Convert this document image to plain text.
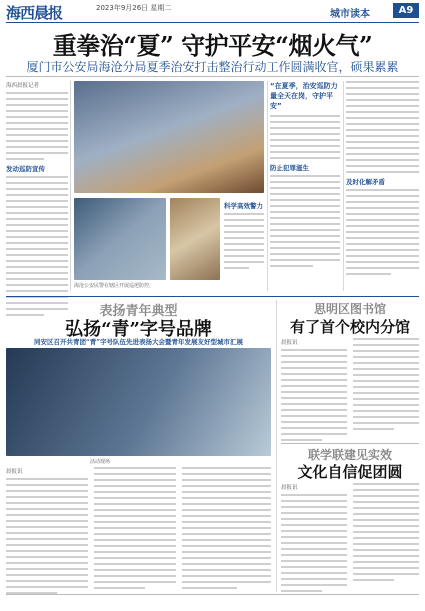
海西晨报	2023年9月26日 星期二
城市读本	A9
重拳治“夏” 守护平安“烟火气”
厦门市公安局海沧分局夏季治安打击整治行动工作圆满收官，硕果累累
海西晨报记者
发动巡防宣传
海沧公安民警在辖区开展巡逻防控。
科学高效警力
“在夏季，治安巡防力量全天在岗，守护平安”
防止犯罪滋生
及时化解矛盾
表扬青年典型
弘扬“青”字号品牌
同安区召开共青团“青”字号队伍先进表扬大会暨青年发展友好型城市汇展
活动现场
晨报讯
思明区图书馆
有了首个校内分馆
晨报讯
联学联建见实效
文化自信促团圆
晨报讯
